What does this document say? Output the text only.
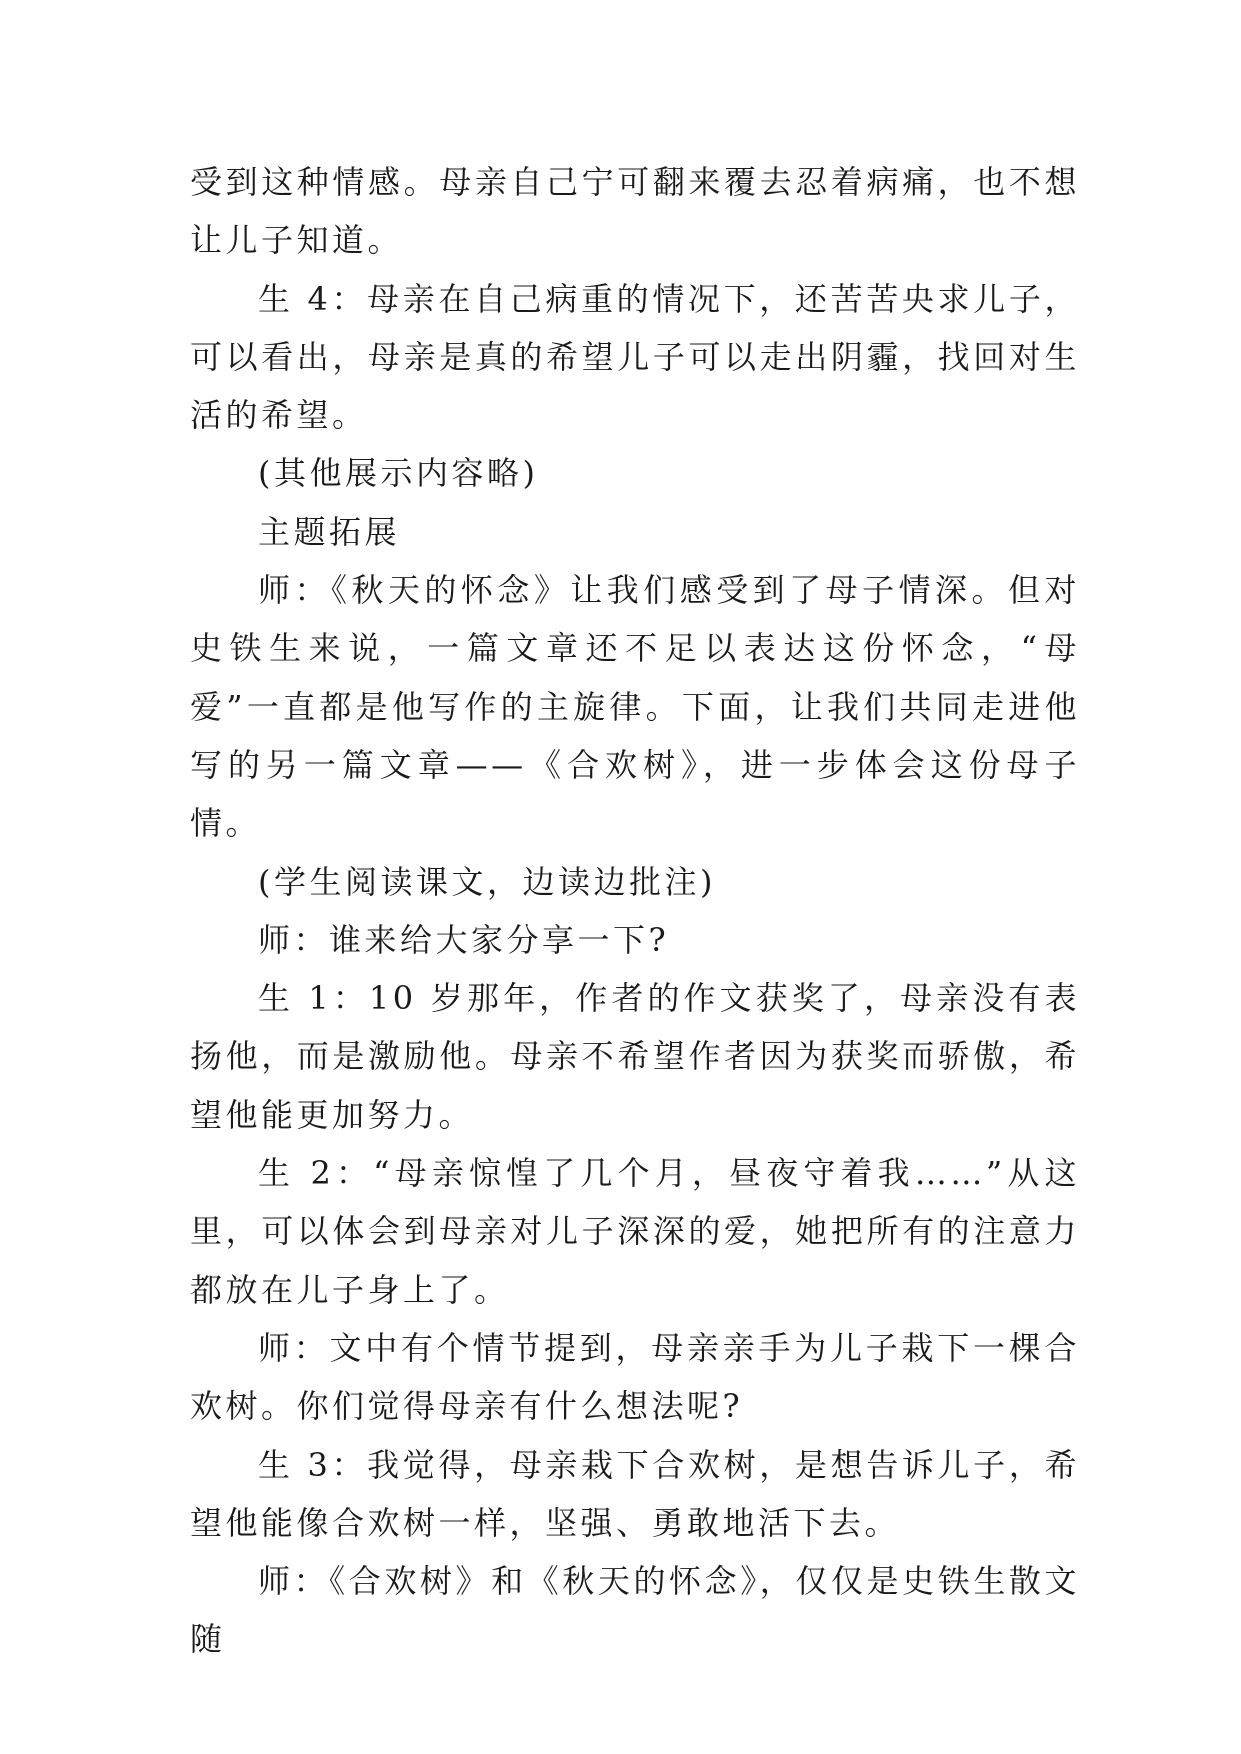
受到这种情感。母亲自己宁可翻来覆去忍着病痛，也不想让儿子知道。

生 4：母亲在自己病重的情况下，还苦苦央求儿子，可以看出，母亲是真的希望儿子可以走出阴霾，找回对生活的希望。

(其他展示内容略)

主题拓展

师：《秋天的怀念》让我们感受到了母子情深。但对史铁生来说，一篇文章还不足以表达这份怀念，“母爱”一直都是他写作的主旋律。下面，让我们共同走进他写的另一篇文章——《合欢树》，进一步体会这份母子情。

(学生阅读课文，边读边批注)

师：谁来给大家分享一下?

生 1：10 岁那年，作者的作文获奖了，母亲没有表扬他，而是激励他。母亲不希望作者因为获奖而骄傲，希望他能更加努力。

生 2：“母亲惊惶了几个月，昼夜守着我……”从这里，可以体会到母亲对儿子深深的爱，她把所有的注意力都放在儿子身上了。

师：文中有个情节提到，母亲亲手为儿子栽下一棵合欢树。你们觉得母亲有什么想法呢?

生 3：我觉得，母亲栽下合欢树，是想告诉儿子，希望他能像合欢树一样，坚强、勇敢地活下去。

师：《合欢树》和《秋天的怀念》，仅仅是史铁生散文随
